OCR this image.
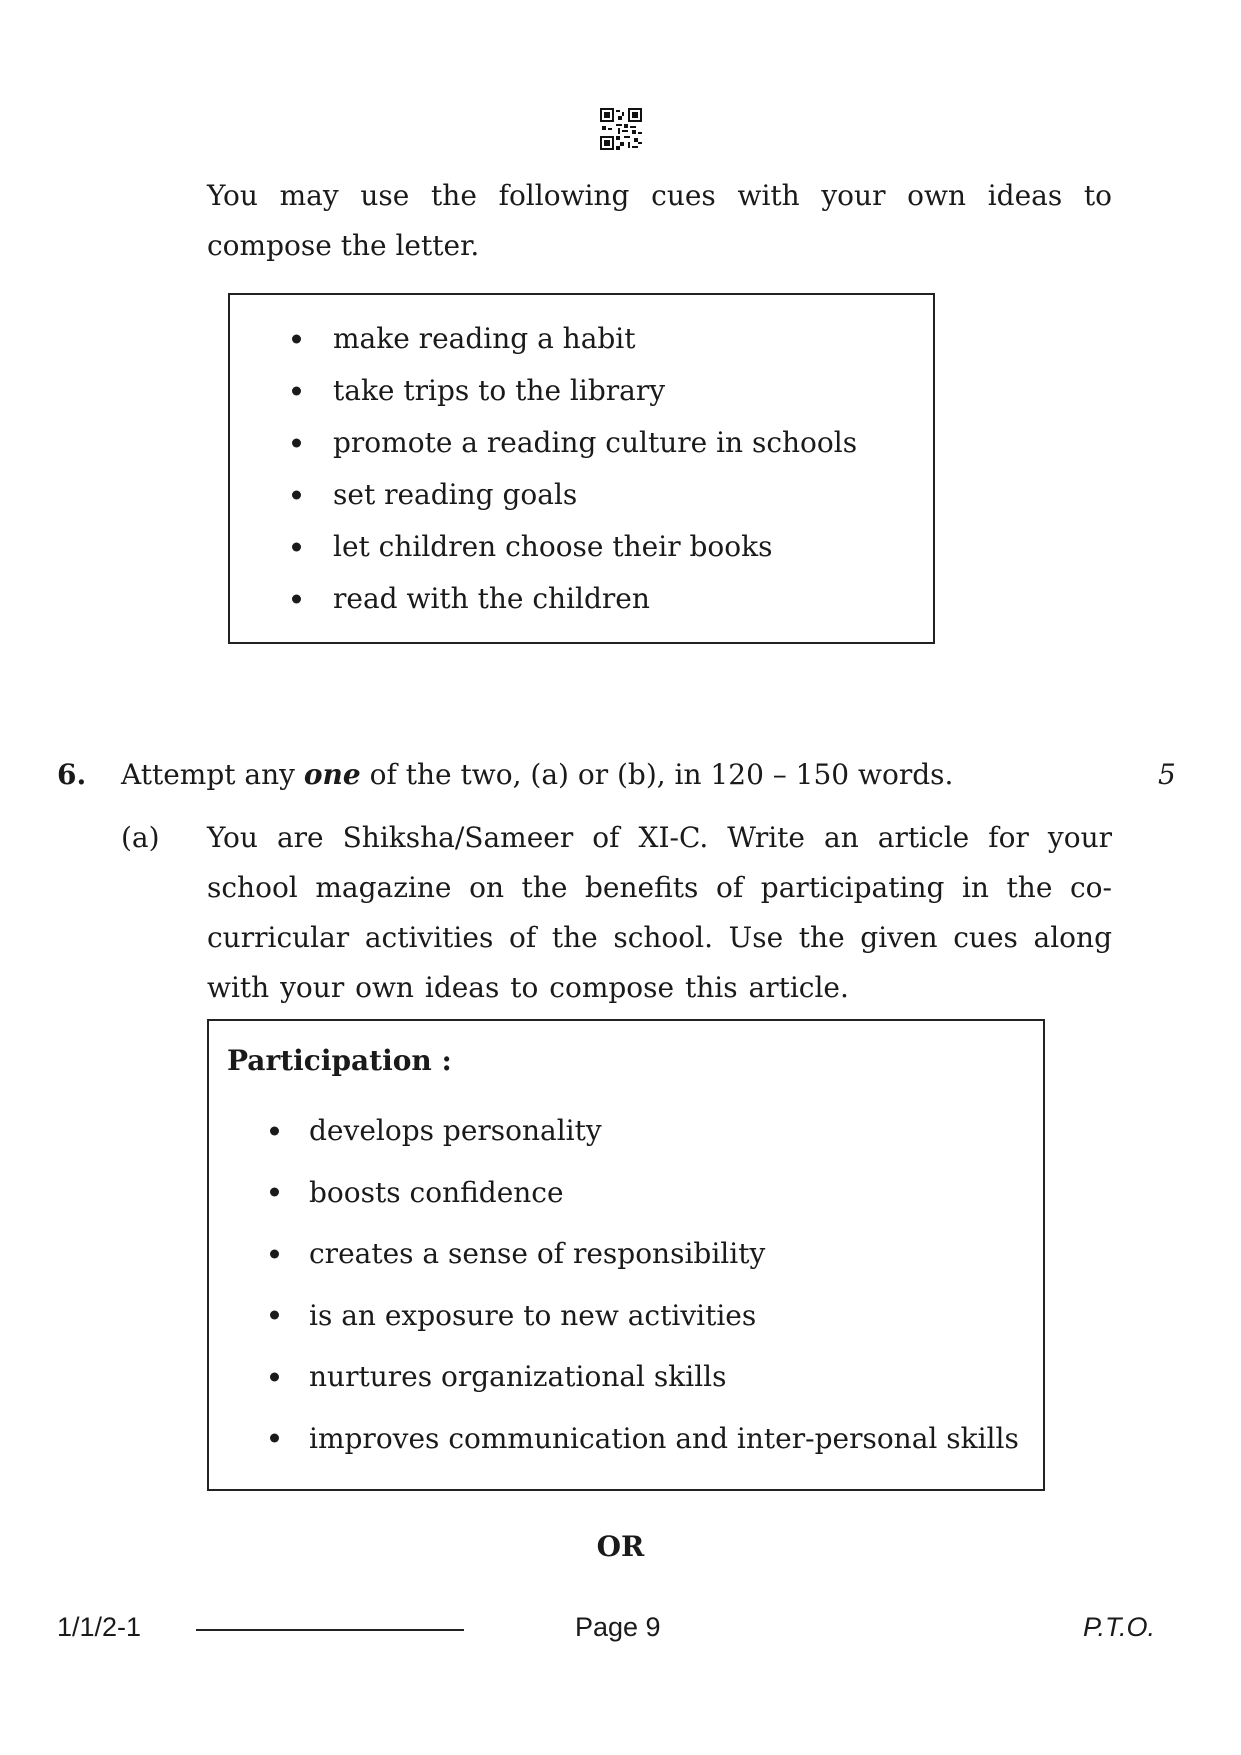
You may use the following cues with your own ideas to compose the letter.
make reading a habit
take trips to the library
promote a reading culture in schools
set reading goals
let children choose their books
read with the children
6. Attempt any one of the two, (a) or (b), in 120 – 150 words.	5
(a) You are Shiksha/Sameer of XI-C. Write an article for your school magazine on the benefits of participating in the co-curricular activities of the school. Use the given cues along with your own ideas to compose this article.
Participation :
develops personality
boosts confidence
creates a sense of responsibility
is an exposure to new activities
nurtures organizational skills
improves communication and inter-personal skills
OR
1/1/2-1	Page 9	P.T.O.
